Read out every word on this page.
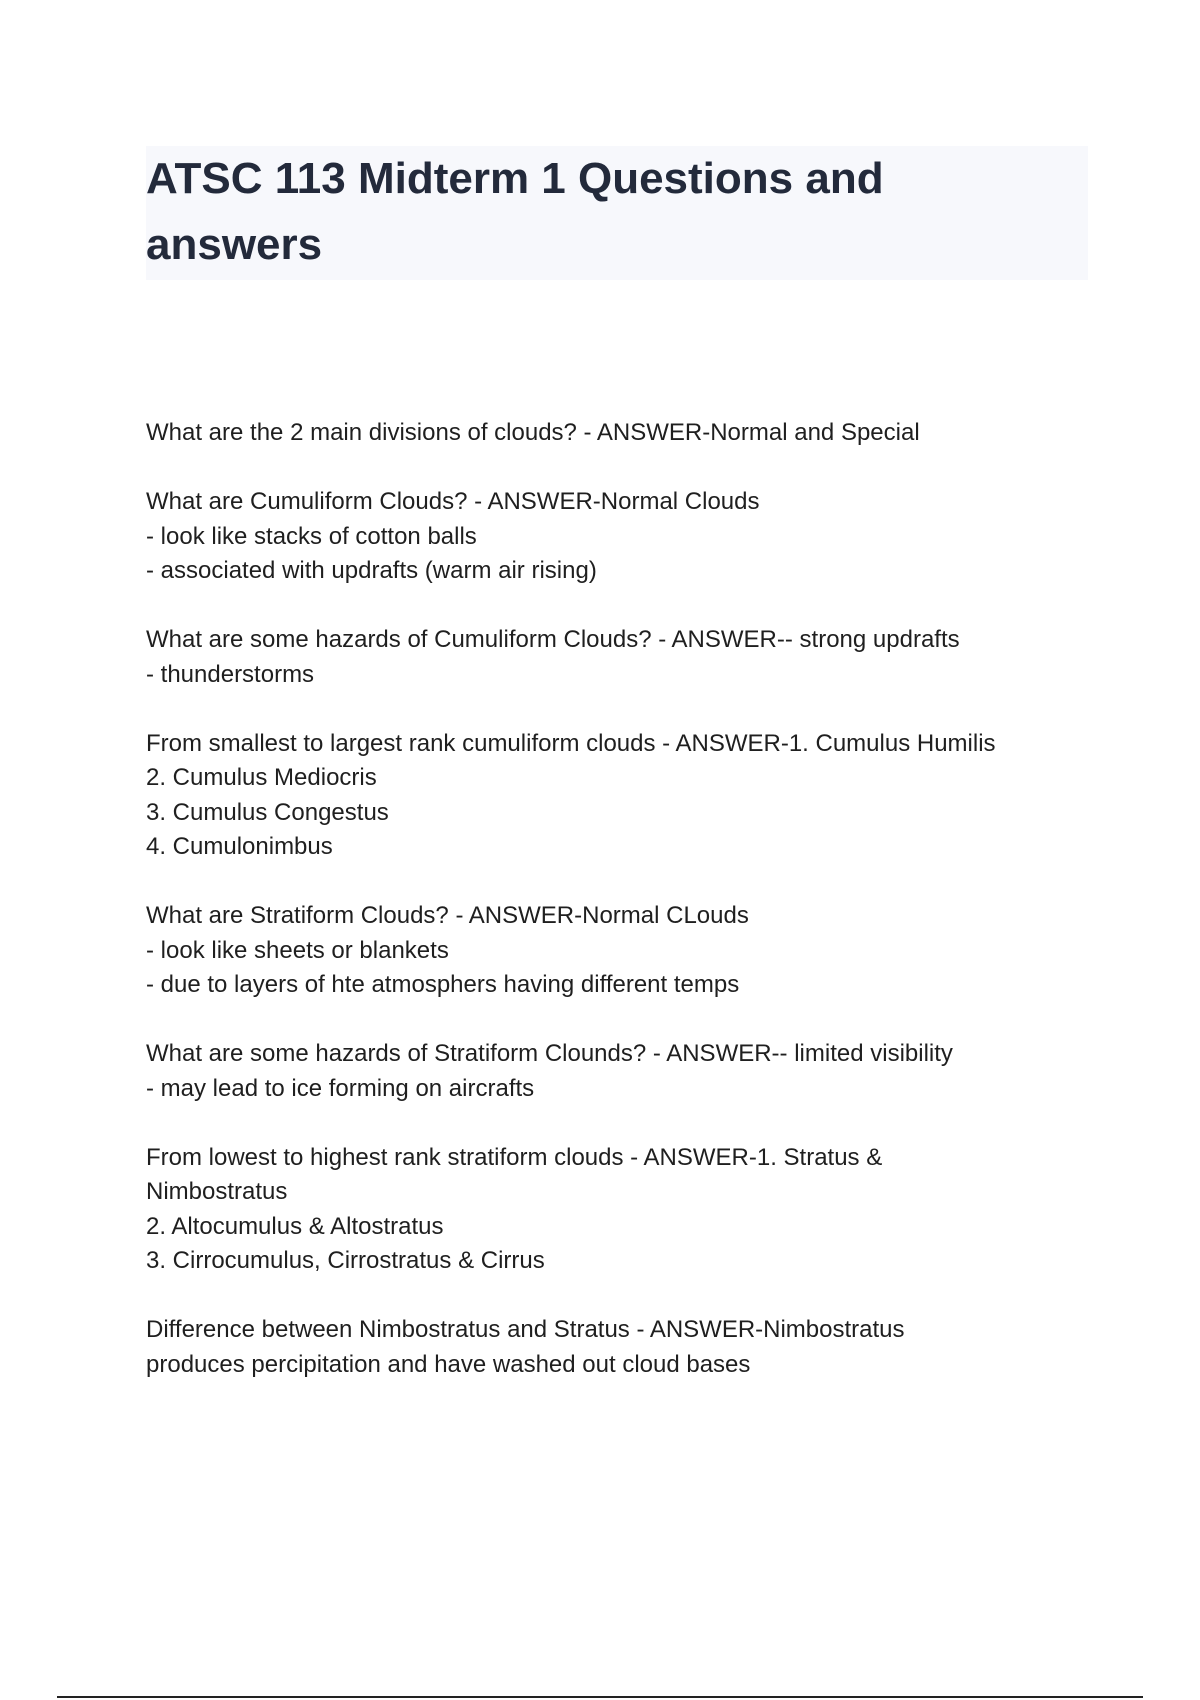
ATSC 113 Midterm 1 Questions and
answers

What are the 2 main divisions of clouds? - ANSWER-Normal and Special

What are Cumuliform Clouds? - ANSWER-Normal Clouds
- look like stacks of cotton balls
- associated with updrafts (warm air rising)

What are some hazards of Cumuliform Clouds? - ANSWER-- strong updrafts
- thunderstorms

From smallest to largest rank cumuliform clouds - ANSWER-1. Cumulus Humilis
2. Cumulus Mediocris
3. Cumulus Congestus
4. Cumulonimbus

What are Stratiform Clouds? - ANSWER-Normal CLouds
- look like sheets or blankets
- due to layers of hte atmosphers having different temps

What are some hazards of Stratiform Clounds? - ANSWER-- limited visibility
- may lead to ice forming on aircrafts

From lowest to highest rank stratiform clouds - ANSWER-1. Stratus &
Nimbostratus
2. Altocumulus & Altostratus
3. Cirrocumulus, Cirrostratus & Cirrus

Difference between Nimbostratus and Stratus - ANSWER-Nimbostratus
produces percipitation and have washed out cloud bases
